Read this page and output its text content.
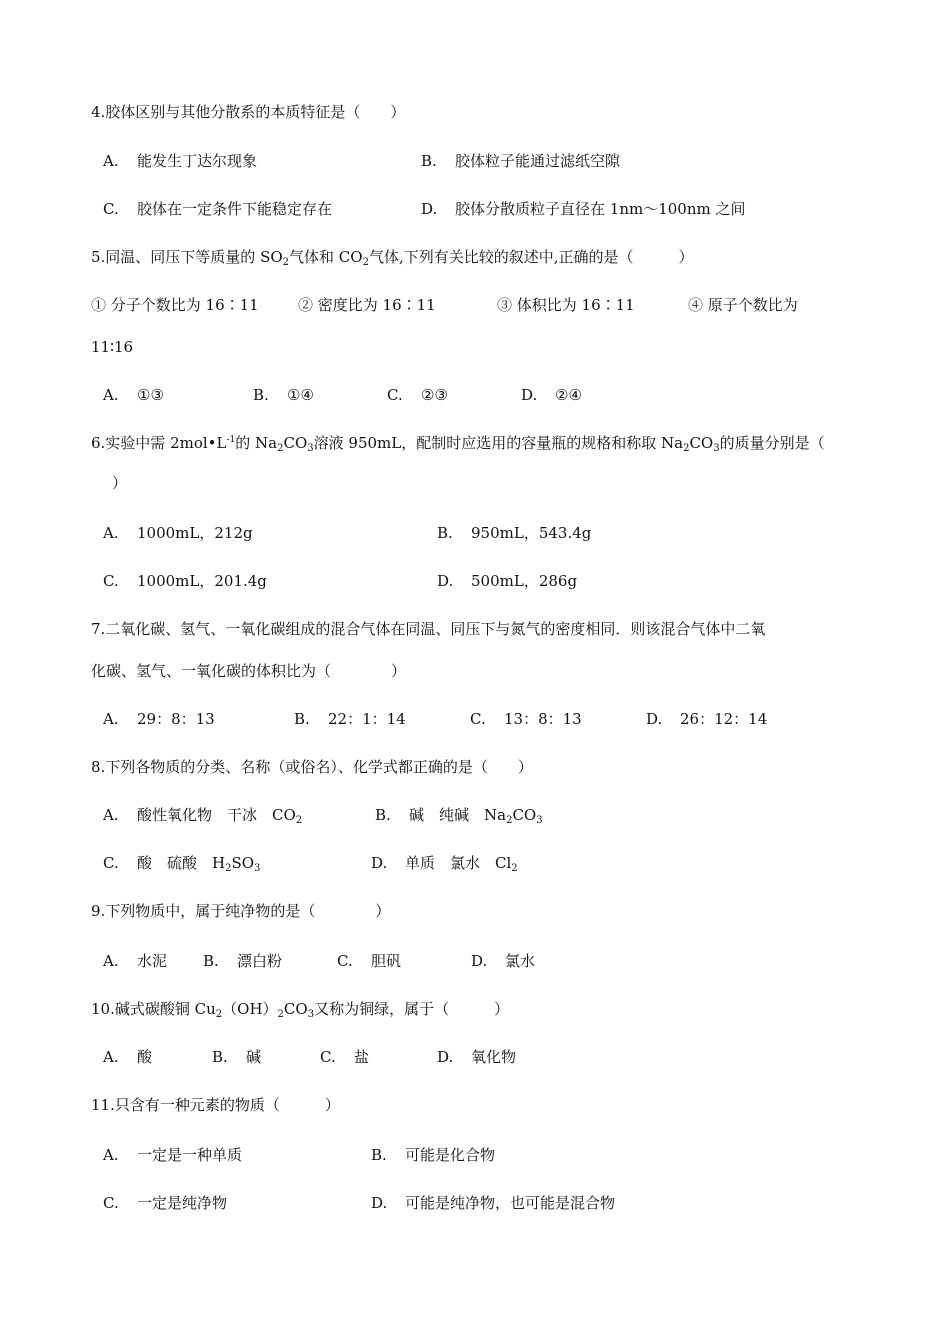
4.胶体区别与其他分散系的本质特征是（　　）
A. 能发生丁达尔现象	B. 胶体粒子能通过滤纸空隙
C. 胶体在一定条件下能稳定存在	D. 胶体分散质粒子直径在 1nm～100nm 之间
5.同温、同压下等质量的 $SO_2$气体和 $CO_2$气体,下列有关比较的叙述中,正确的是（　　　）
① 分子个数比为 16∶11	② 密度比为 16∶11	③ 体积比为 16∶11	④ 原子个数比为
11∶16
A. ①③	B. ①④	C. ②③	D. ②④
6.实验中需 $2mol•L^{-1}$的 $Na_2CO_3$溶液 950mL，配制时应选用的容量瓶的规格和称取 $Na_2CO_3$的质量分别是（
）
A. 1000mL，212g	B. 950mL，543.4g
C. 1000mL，201.4g	D. 500mL，286g
7.二氧化碳、氢气、一氧化碳组成的混合气体在同温、同压下与氮气的密度相同．则该混合气体中二氧
化碳、氢气、一氧化碳的体积比为（　　　　）
A. 29：8：13	B. 22：1：14	C. 13：8：13	D. 26：12：14
8.下列各物质的分类、名称（或俗名）、化学式都正确的是（　　）
A. 酸性氧化物　干冰　$CO_2$	B. 碱　纯碱　$Na_2CO_3$
C. 酸　硫酸　$H_2SO_3$	D. 单质　氯水　$Cl_2$
9.下列物质中，属于纯净物的是（　　　　）
A. 水泥 B. 漂白粉	C. 胆矾	D. 氯水
10.碱式碳酸铜 $Cu_2(OH)_2CO_3$又称为铜绿，属于（　　　）
A. 酸	B. 碱	C. 盐	D. 氧化物
11.只含有一种元素的物质（　　　）
A. 一定是一种单质	B. 可能是化合物
C. 一定是纯净物	D. 可能是纯净物，也可能是混合物
